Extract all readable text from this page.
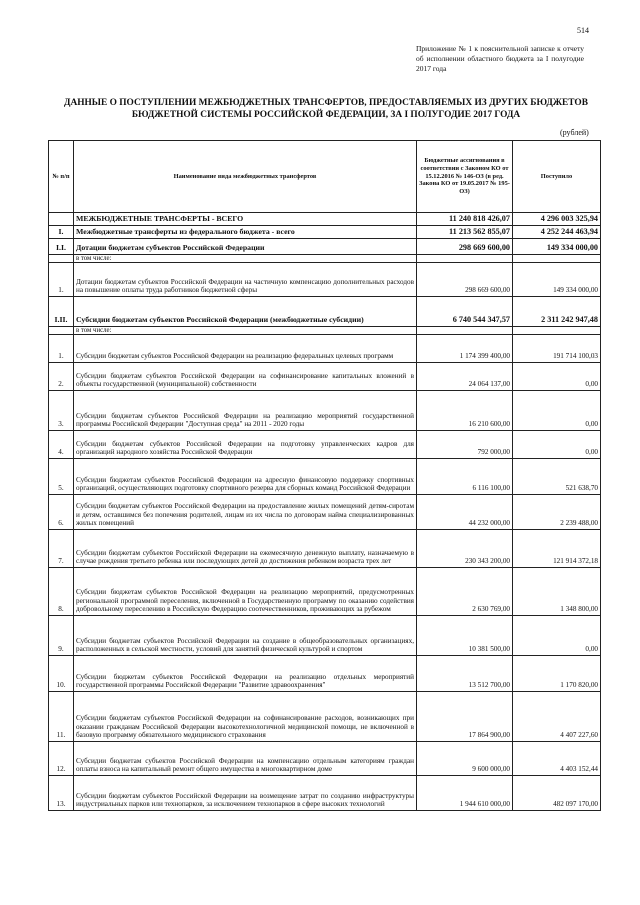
514
Приложение № 1 к пояснительной записке к отчету об исполнении областного бюджета за I полугодие 2017 года
ДАННЫЕ О ПОСТУПЛЕНИИ МЕЖБЮДЖЕТНЫХ ТРАНСФЕРТОВ, ПРЕДОСТАВЛЯЕМЫХ ИЗ ДРУГИХ БЮДЖЕТОВ БЮДЖЕТНОЙ СИСТЕМЫ РОССИЙСКОЙ ФЕДЕРАЦИИ, ЗА I ПОЛУГОДИЕ 2017 ГОДА
(рублей)
№ п/п	Наименование вида межбюджетных трансфертов	Бюджетные ассигнования в соответствии с Законом КО от 15.12.2016 № 146-ОЗ (в ред. Закона КО от 19.05.2017 № 195-ОЗ)	Поступило
	МЕЖБЮДЖЕТНЫЕ ТРАНСФЕРТЫ - ВСЕГО	11 240 818 426,07	4 296 003 325,94
I.	Межбюджетные трансферты из федерального бюджета - всего	11 213 562 855,07	4 252 244 463,94
I.I.	Дотации бюджетам субъектов Российской Федерации	298 669 600,00	149 334 000,00
	в том числе:		
1.	Дотации бюджетам субъектов Российской Федерации на частичную компенсацию дополнительных расходов на повышение оплаты труда работников бюджетной сферы	298 669 600,00	149 334 000,00
I.II.	Субсидии бюджетам субъектов Российской Федерации (межбюджетные субсидии)	6 740 544 347,57	2 311 242 947,48
	в том числе:		
1.	Субсидии бюджетам субъектов Российской Федерации на реализацию федеральных целевых программ	1 174 399 400,00	191 714 100,03
2.	Субсидии бюджетам субъектов Российской Федерации на софинансирование капитальных вложений в объекты государственной (муниципальной) собственности	24 064 137,00	0,00
3.	Субсидии бюджетам субъектов Российской Федерации на реализацию мероприятий государственной программы Российской Федерации "Доступная среда" на 2011 - 2020 годы	16 210 600,00	0,00
4.	Субсидии бюджетам субъектов Российской Федерации на подготовку управленческих кадров для организаций народного хозяйства Российской Федерации	792 000,00	0,00
5.	Субсидии бюджетам субъектов Российской Федерации на адресную финансовую поддержку спортивных организаций, осуществляющих подготовку спортивного резерва для сборных команд Российской Федерации	6 116 100,00	521 638,70
6.	Субсидии бюджетам субъектов Российской Федерации на предоставление жилых помещений детям-сиротам и детям, оставшимся без попечения родителей, лицам из их числа по договорам найма специализированных жилых помещений	44 232 000,00	2 239 488,00
7.	Субсидии бюджетам субъектов Российской Федерации на ежемесячную денежную выплату, назначаемую в случае рождения третьего ребенка или последующих детей до достижения ребенком возраста трех лет	230 343 200,00	121 914 372,18
8.	Субсидии бюджетам субъектов Российской Федерации на реализацию мероприятий, предусмотренных региональной программой переселения, включенной в Государственную программу по оказанию содействия добровольному переселению в Российскую Федерацию соотечественников, проживающих за рубежом	2 630 769,00	1 348 800,00
9.	Субсидии бюджетам субъектов Российской Федерации на создание в общеобразовательных организациях, расположенных в сельской местности, условий для занятий физической культурой и спортом	10 381 500,00	0,00
10.	Субсидии бюджетам субъектов Российской Федерации на реализацию отдельных мероприятий государственной программы Российской Федерации "Развитие здравоохранения"	13 512 700,00	1 170 820,00
11.	Субсидии бюджетам субъектов Российской Федерации на софинансирование расходов, возникающих при оказании гражданам Российской Федерации высокотехнологичной медицинской помощи, не включенной в базовую программу обязательного медицинского страхования	17 864 900,00	4 407 227,60
12.	Субсидии бюджетам субъектов Российской Федерации на компенсацию отдельным категориям граждан оплаты взноса на капитальный ремонт общего имущества в многоквартирном доме	9 600 000,00	4 403 152,44
13.	Субсидии бюджетам субъектов Российской Федерации на возмещение затрат по созданию инфраструктуры индустриальных парков или технопарков, за исключением технопарков в сфере высоких технологий	1 944 610 000,00	482 097 170,00
